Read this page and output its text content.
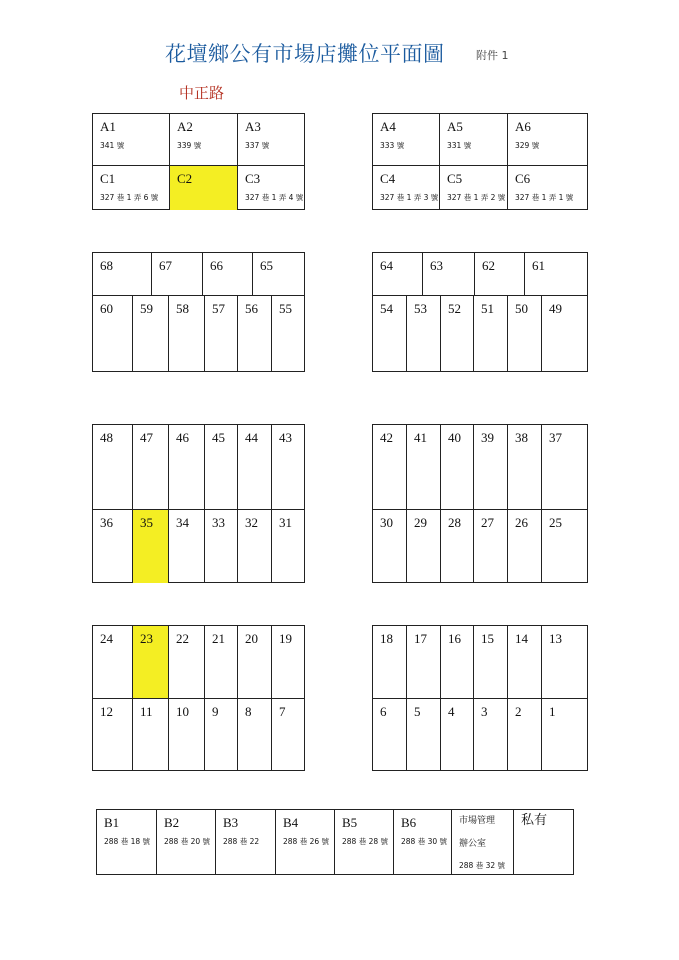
花壇鄉公有市場店攤位平面圖	附件 1
中正路
A1
341 號
A2
339 號
A3
337 號
C1
327 巷 1 弄 6 號
C2	C3
327 巷 1 弄 4 號
A4
333 號
A5
331 號
A6
329 號
C4
327 巷 1 弄 3 號
C5
327 巷 1 弄 2 號
C6
327 巷 1 弄 1 號
68	67	66	65
60 59 58 57 56 55
64	63	62	61
54 53 52 51 50 49
48 47 46 45 44 43
36 35 34 33 32 31
42 41 40 39 38 37
30 29 28 27 26 25
24 23 22 21 20 19
12 11 10 9 8 7
18 17 16 15 14 13
6 5 4 3 2 1
B1
288 巷 18 號
B2
288 巷 20 號
B3
288 巷 22
B4
288 巷 26 號
B5
288 巷 28 號
B6
288 巷 30 號
市場管理
辦公室
288 巷 32 號
私有
